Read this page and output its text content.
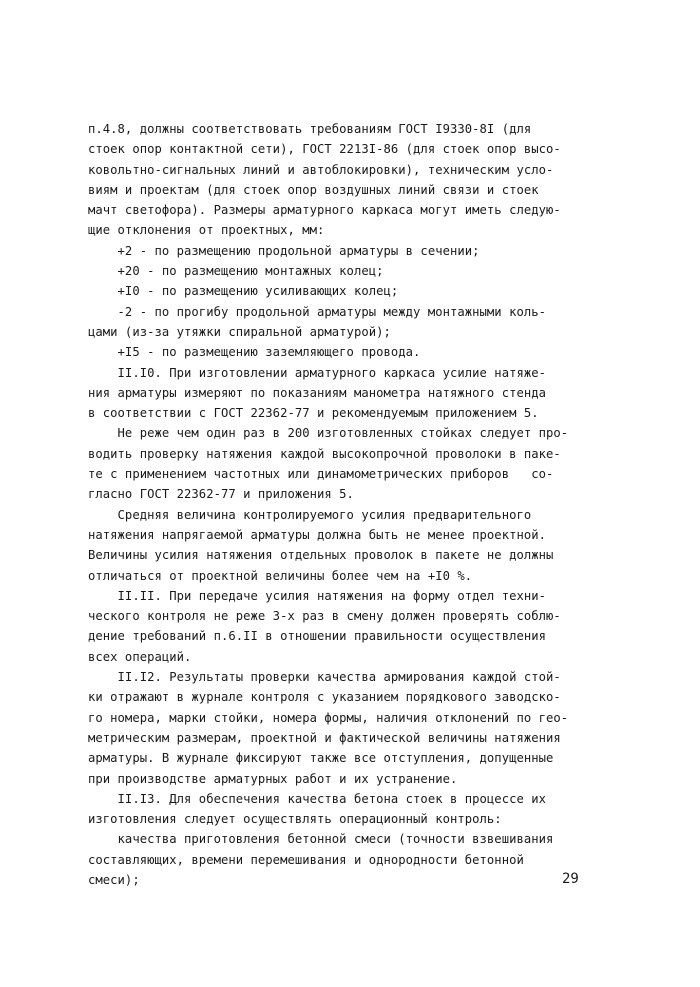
п.4.8, должны соответствовать требованиям ГОСТ I9330-8I (для
стоек опор контактной сети), ГОСТ 2213I-86 (для стоек опор высо-
ковольтно-сигнальных линий и автоблокировки), техническим усло-
виям и проектам (для стоек опор воздушных линий связи и стоек
мачт светофора). Размеры арматурного каркаса могут иметь следую-
щие отклонения от проектных, мм:
+2 - по размещению продольной арматуры в сечении;
+20 - по размещению монтажных колец;
+I0 - по размещению усиливающих колец;
-2 - по прогибу продольной арматуры между монтажными коль-
цами (из-за утяжки спиральной арматурой);
+I5 - по размещению заземляющего провода.
II.I0. При изготовлении арматурного каркаса усилие натяже-
ния арматуры измеряют по показаниям манометра натяжного стенда
в соответствии с ГОСТ 22362-77 и рекомендуемым приложением 5.
Не реже чем один раз в 200 изготовленных стойках следует про-
водить проверку натяжения каждой высокопрочной проволоки в паке-
те с применением частотных или динамометрических приборов   со-
гласно ГОСТ 22362-77 и приложения 5.
Средняя величина контролируемого усилия предварительного
натяжения напрягаемой арматуры должна быть не менее проектной.
Величины усилия натяжения отдельных проволок в пакете не должны
отличаться от проектной величины более чем на +I0 %.
II.II. При передаче усилия натяжения на форму отдел техни-
ческого контроля не реже 3-х раз в смену должен проверять соблю-
дение требований п.6.II в отношении правильности осуществления
всех операций.
II.I2. Результаты проверки качества армирования каждой стой-
ки отражают в журнале контроля с указанием порядкового заводско-
го номера, марки стойки, номера формы, наличия отклонений по гео-
метрическим размерам, проектной и фактической величины натяжения
арматуры. В журнале фиксируют также все отступления, допущенные
при производстве арматурных работ и их устранение.
II.I3. Для обеспечения качества бетона стоек в процессе их
изготовления следует осуществлять операционный контроль:
качества приготовления бетонной смеси (точности взвешивания
составляющих, времени перемешивания и однородности бетонной
смеси);	29
